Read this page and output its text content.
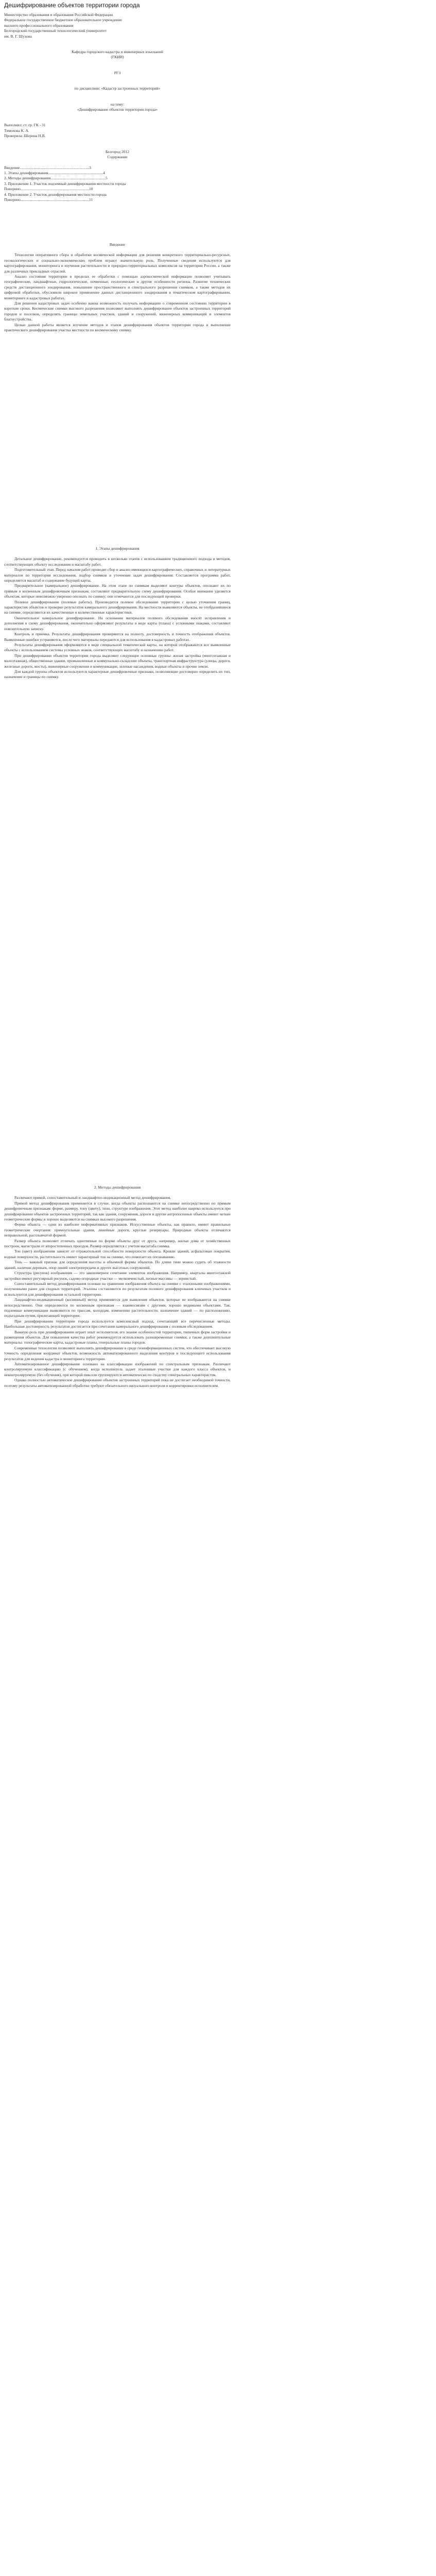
Дешифрирование объектов территории города
Министерство образования и образования Российской Федерации
Федеральное государственное бюджетное образовательное учреждение
высшего профессионального образования
Белгородский государственный технологический университет
им. В. Г. Шухова
Кафедра городского кадастра и инженерных изысканий
(ГКИИ)
РГЗ
по дисциплине: «Кадастр застроенных территорий»
на тему:
«Дешифрирование объектов территории города»
Выполнил: ст. гр. ГК - 31
Тимохова К. А.
Проверила: Шерина Н.В.
Белгород 2012
Содержание
Введение........................................................................3
1. Этапы дешифрирования.........................................................4
2. Методы дешифрирования.........................................................5
3. Приложение 1. Участок подземный дешифрирования местности города
Поворино.......................................................................10
4. Приложение 2. Участок дешифрирования местности города
Поворино.......................................................................11
Введение

Технологии оперативного сбора и обработки космической информации для решения конкретного территориально-ресурсных, геоэкологических и социально-экономических проблем играют значительную роль. Полученные сведения используются для картографирования, мониторинга и изучения растительности и природно-территориальных комплексов на территории России, а также для различных прикладных отраслей.

Анализ состояния территории в пределах ее обработки с помощью аэрокосмической информации позволяет учитывать географические, ландшафтные, гидрологические, почвенные, геологические и другие особенности региона. Развитие технических средств дистанционного зондирования, повышение пространственного и спектрального разрешения снимков, а также методов их цифровой обработки, обусловили широкое применение данных дистанционного зондирования в тематическом картографировании, мониторинге и кадастровых работах.

Для решения кадастровых задач особенно важна возможность получать информацию о современном состоянии территории в короткие сроки. Космические снимки высокого разрешения позволяют выполнять дешифрирование объектов застроенных территорий городов и поселков, определять границы земельных участков, зданий и сооружений, инженерных коммуникаций и элементов благоустройства.

Целью данной работы является изучение методов и этапов дешифрирования объектов территории города и выполнение практического дешифрирования участка местности по космическому снимку.

1. Этапы дешифрирования

Детальное дешифрирование, рекомендуется проводить в несколько этапов с использованием традиционного подхода и методов, соответствующих объекту исследования и масштабу работ.

Подготовительный этап. Перед началом работ проводят сбор и анализ имеющихся картографических, справочных и литературных материалов по территории исследования, подбор снимков и уточнение задач дешифрирования. Составляется программа работ, определяется масштаб и содержание будущей карты.

Предварительное (камеральное) дешифрирование. На этом этапе по снимкам выделяют контуры объектов, опознают их по прямым и косвенным дешифровочным признакам, составляют предварительную схему дешифрирования. Особое внимание уделяется объектам, которые невозможно уверенно опознать по снимку; они отмечаются для последующей проверки.

Полевое дешифрирование (полевые работы). Производится полевое обследование территории с целью уточнения границ, характеристик объектов и проверки результатов камерального дешифрирования. На местности выявляются объекты, не отобразившиеся на снимке, определяются их качественные и количественные характеристики.

Окончательное камеральное дешифрирование. На основании материалов полевого обследования вносят исправления и дополнения в схему дешифрирования, окончательно оформляют результаты в виде карты (плана) с условными знаками, составляют пояснительную записку.

Контроль и приемка. Результаты дешифрирования проверяются на полноту, достоверность и точность отображения объектов. Выявленные ошибки устраняются, после чего материалы передаются для использования в кадастровых работах.

Результаты дешифрирования оформляются в виде специальной тематической карты, на которой отображаются все выявленные объекты с использованием системы условных знаков, соответствующих масштабу и назначению работ.

При дешифрировании объектов территории города выделяют следующие основные группы: жилая застройка (многоэтажная и малоэтажная), общественные здания, промышленные и коммунально-складские объекты, транспортная инфраструктура (улицы, дороги, железные дороги, мосты), инженерные сооружения и коммуникации, зеленые насаждения, водные объекты и прочие земли.

Для каждой группы объектов используются характерные дешифровочные признаки, позволяющие достоверно определить их тип, назначение и границы по снимку.

2. Методы дешифрирования

Различают прямой, сопоставительный и ландшафтно-индикационный метод дешифрирования.

Прямой метод дешифрирования применяется в случае, когда объекты распознаются на снимке непосредственно по прямым дешифровочным признакам: форме, размеру, тону (цвету), тени, структуре изображения. Этот метод наиболее широко используется при дешифрировании объектов застроенных территорий, так как здания, сооружения, дороги и другие антропогенные объекты имеют четкие геометрические формы и хорошо выделяются на снимках высокого разрешения.

Форма объекта — один из наиболее информативных признаков. Искусственные объекты, как правило, имеют правильные геометрические очертания: прямоугольные здания, линейные дороги, круглые резервуары. Природные объекты отличаются неправильной, расплывчатой формой.

Размер объекта позволяет отличать однотипные по форме объекты друг от друга, например, жилые дома от хозяйственных построек, магистрали от второстепенных проездов. Размер определяется с учетом масштаба снимка.

Тон (цвет) изображения зависит от отражательной способности поверхности объекта. Кровли зданий, асфальтовые покрытия, водные поверхности, растительность имеют характерный тон на снимке, что помогает их опознаванию.

Тень — важный признак для определения высоты и объемной формы объектов. По длине тени можно судить об этажности зданий, наличии деревьев, опор линий электропередачи и других высотных сооружений.

Структура (рисунок) изображения — это закономерное сочетание элементов изображения. Например, кварталы многоэтажной застройки имеют регулярный рисунок, садово-огородные участки — мелкоячеистый, лесные массивы — зернистый.

Сопоставительный метод дешифрирования основан на сравнении изображения объекта на снимке с эталонными изображениями, полученными ранее для сходных территорий. Эталоны составляются по результатам полевого дешифрирования ключевых участков и используются для дешифрирования остальной территории.

Ландшафтно-индикационный (косвенный) метод применяется для выявления объектов, которые не изображаются на снимке непосредственно. Они определяются по косвенным признакам — взаимосвязям с другими, хорошо видимыми объектами. Так, подземные коммуникации выявляются по трассам, колодцам, изменению растительности; назначение зданий — по расположению, подъездным путям, прилегающей территории.

При дешифрировании территории города используется комплексный подход, сочетающий все перечисленные методы. Наибольшая достоверность результатов достигается при сочетании камерального дешифрирования с полевым обследованием.

Важную роль при дешифрировании играет опыт исполнителя, его знание особенностей территории, типичных форм застройки и размещения объектов. Для повышения качества работ рекомендуется использовать разновременные снимки, а также дополнительные материалы: топографические карты, кадастровые планы, генеральные планы городов.

Современные технологии позволяют выполнять дешифрирование в среде геоинформационных систем, что обеспечивает высокую точность определения координат объектов, возможность автоматизированного выделения контуров и последующего использования результатов для ведения кадастра и мониторинга территории.

Автоматизированное дешифрирование основано на классификации изображений по спектральным признакам. Различают контролируемую классификацию (с обучением), когда исполнитель задает эталонные участки для каждого класса объектов, и неконтролируемую (без обучения), при которой пиксели группируются автоматически по сходству спектральных характеристик.

Однако полностью автоматическое дешифрирование объектов застроенных территорий пока не достигает необходимой точности, поэтому результаты автоматизированной обработки требуют обязательного визуального контроля и корректировки исполнителем.
